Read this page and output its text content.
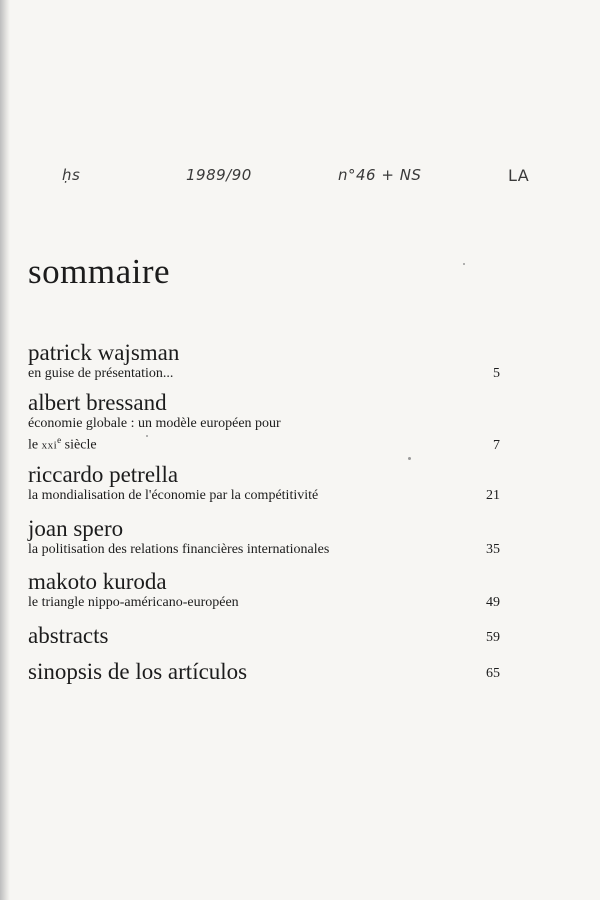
ḥs	1989/90	n°46 + NS	LA
sommaire
patrick wajsman
en guise de présentation...	5
albert bressand
économie globale : un modèle européen pour
le xxi$^e$ siècle	7
riccardo petrella
la mondialisation de l'économie par la compétitivité	21
joan spero
la politisation des relations financières internationales	35
makoto kuroda
le triangle nippo-américano-européen	49
abstracts	59
sinopsis de los artículos	65
